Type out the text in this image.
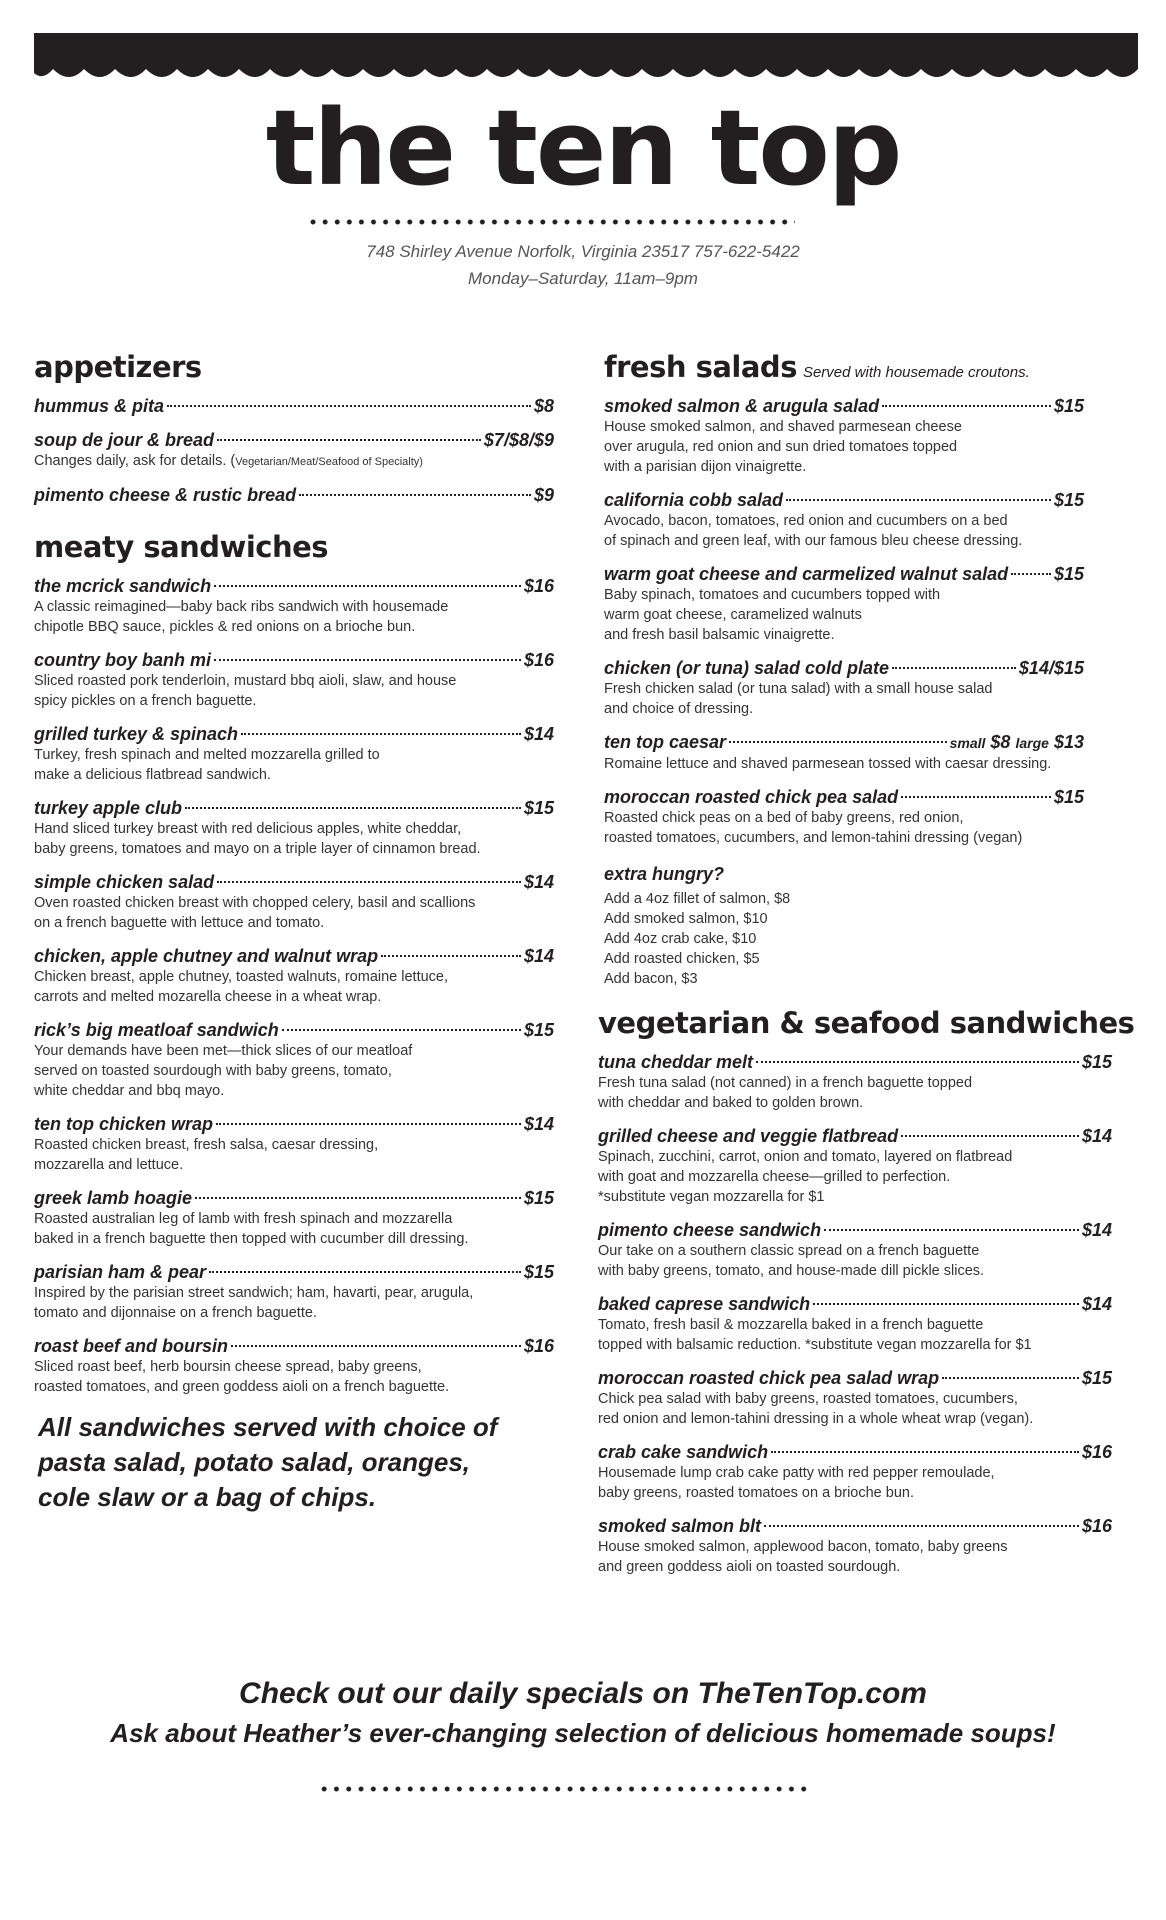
the ten top
748 Shirley Avenue Norfolk, Virginia 23517 757-622-5422
Monday–Saturday, 11am–9pm
appetizers
hummus & pita	$8
soup de jour & bread	$7/$8/$9
Changes daily, ask for details. (Vegetarian/Meat/Seafood of Specialty)
pimento cheese & rustic bread	$9
meaty sandwiches
the mcrick sandwich	$16
A classic reimagined—baby back ribs sandwich with housemade
chipotle BBQ sauce, pickles & red onions on a brioche bun.
country boy banh mi	$16
Sliced roasted pork tenderloin, mustard bbq aioli, slaw, and house
spicy pickles on a french baguette.
grilled turkey & spinach	$14
Turkey, fresh spinach and melted mozzarella grilled to
make a delicious flatbread sandwich.
turkey apple club	$15
Hand sliced turkey breast with red delicious apples, white cheddar,
baby greens, tomatoes and mayo on a triple layer of cinnamon bread.
simple chicken salad	$14
Oven roasted chicken breast with chopped celery, basil and scallions
on a french baguette with lettuce and tomato.
chicken, apple chutney and walnut wrap	$14
Chicken breast, apple chutney, toasted walnuts, romaine lettuce,
carrots and melted mozarella cheese in a wheat wrap.
rick’s big meatloaf sandwich	$15
Your demands have been met—thick slices of our meatloaf
served on toasted sourdough with baby greens, tomato,
white cheddar and bbq mayo.
ten top chicken wrap	$14
Roasted chicken breast, fresh salsa, caesar dressing,
mozzarella and lettuce.
greek lamb hoagie	$15
Roasted australian leg of lamb with fresh spinach and mozzarella
baked in a french baguette then topped with cucumber dill dressing.
parisian ham & pear	$15
Inspired by the parisian street sandwich; ham, havarti, pear, arugula,
tomato and dijonnaise on a french baguette.
roast beef and boursin	$16
Sliced roast beef, herb boursin cheese spread, baby greens,
roasted tomatoes, and green goddess aioli on a french baguette.
All sandwiches served with choice of
pasta salad, potato salad, oranges,
cole slaw or a bag of chips.
fresh salads Served with housemade croutons.
smoked salmon & arugula salad	$15
House smoked salmon, and shaved parmesean cheese
over arugula, red onion and sun dried tomatoes topped
with a parisian dijon vinaigrette.
california cobb salad	$15
Avocado, bacon, tomatoes, red onion and cucumbers on a bed
of spinach and green leaf, with our famous bleu cheese dressing.
warm goat cheese and carmelized walnut salad	$15
Baby spinach, tomatoes and cucumbers topped with
warm goat cheese, caramelized walnuts
and fresh basil balsamic vinaigrette.
chicken (or tuna) salad cold plate	$14/$15
Fresh chicken salad (or tuna salad) with a small house salad
and choice of dressing.
ten top caesar	small $8 large $13
Romaine lettuce and shaved parmesean tossed with caesar dressing.
moroccan roasted chick pea salad	$15
Roasted chick peas on a bed of baby greens, red onion,
roasted tomatoes, cucumbers, and lemon-tahini dressing (vegan)
extra hungry?
Add a 4oz fillet of salmon, $8
Add smoked salmon, $10
Add 4oz crab cake, $10
Add roasted chicken, $5
Add bacon, $3
vegetarian & seafood sandwiches
tuna cheddar melt	$15
Fresh tuna salad (not canned) in a french baguette topped
with cheddar and baked to golden brown.
grilled cheese and veggie flatbread	$14
Spinach, zucchini, carrot, onion and tomato, layered on flatbread
with goat and mozzarella cheese—grilled to perfection.
*substitute vegan mozzarella for $1
pimento cheese sandwich	$14
Our take on a southern classic spread on a french baguette
with baby greens, tomato, and house-made dill pickle slices.
baked caprese sandwich	$14
Tomato, fresh basil & mozzarella baked in a french baguette
topped with balsamic reduction. *substitute vegan mozzarella for $1
moroccan roasted chick pea salad wrap	$15
Chick pea salad with baby greens, roasted tomatoes, cucumbers,
red onion and lemon-tahini dressing in a whole wheat wrap (vegan).
crab cake sandwich	$16
Housemade lump crab cake patty with red pepper remoulade,
baby greens, roasted tomatoes on a brioche bun.
smoked salmon blt	$16
House smoked salmon, applewood bacon, tomato, baby greens
and green goddess aioli on toasted sourdough.
Check out our daily specials on TheTenTop.com
Ask about Heather’s ever-changing selection of delicious homemade soups!
